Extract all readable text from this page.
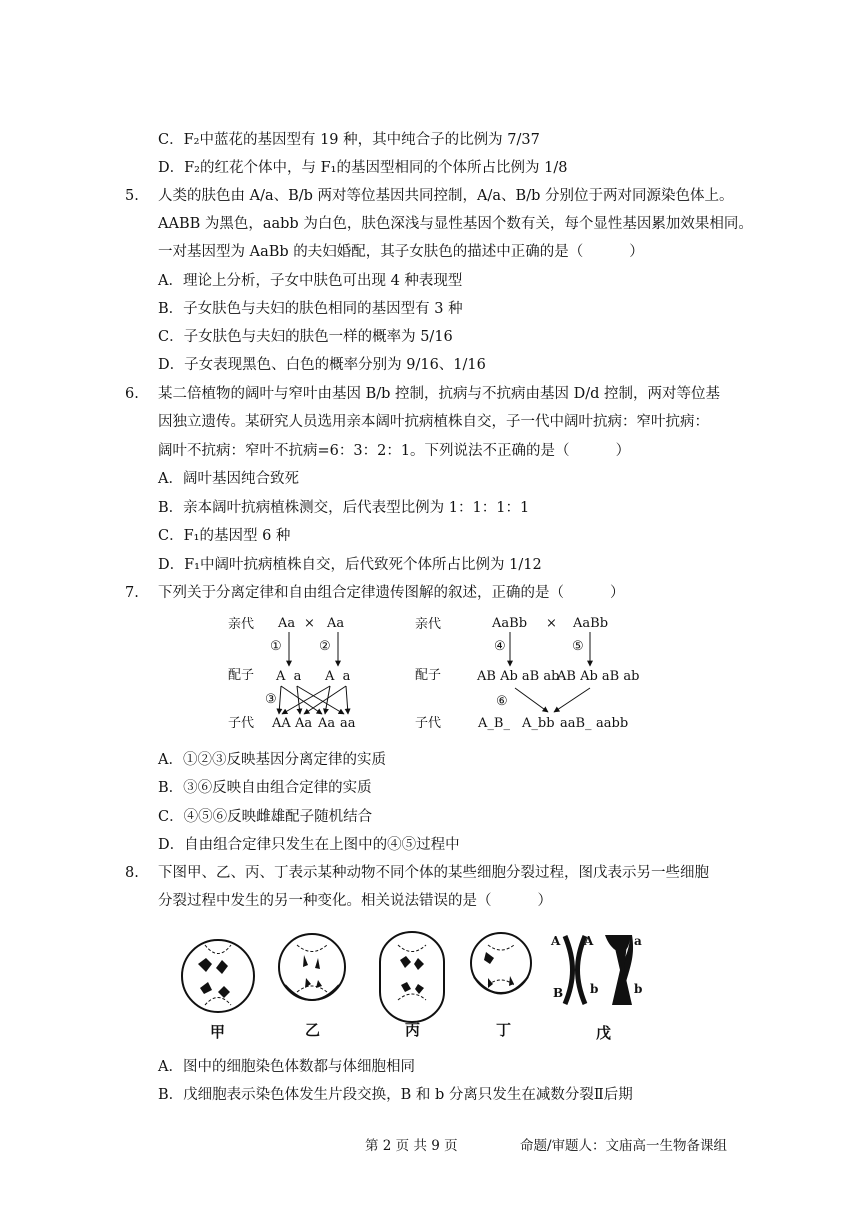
C．F₂中蓝花的基因型有 19 种，其中纯合子的比例为 7/37
D．F₂的红花个体中，与 F₁的基因型相同的个体所占比例为 1/8
5. 人类的肤色由 A/a、B/b 两对等位基因共同控制，A/a、B/b 分别位于两对同源染色体上。
AABB 为黑色，aabb 为白色，肤色深浅与显性基因个数有关，每个显性基因累加效果相同。
一对基因型为 AaBb 的夫妇婚配，其子女肤色的描述中正确的是（	）
A．理论上分析，子女中肤色可出现 4 种表现型
B．子女肤色与夫妇的肤色相同的基因型有 3 种
C．子女肤色与夫妇的肤色一样的概率为 5/16
D．子女表现黑色、白色的概率分别为 9/16、1/16
6. 某二倍植物的阔叶与窄叶由基因 B/b 控制，抗病与不抗病由基因 D/d 控制，两对等位基
因独立遗传。某研究人员选用亲本阔叶抗病植株自交，子一代中阔叶抗病：窄叶抗病：
阔叶不抗病：窄叶不抗病=6：3：2：1。下列说法不正确的是（	）
A．阔叶基因纯合致死
B．亲本阔叶抗病植株测交，后代表型比例为 1：1：1：1
C．F₁的基因型 6 种
D．F₁中阔叶抗病植株自交，后代致死个体所占比例为 1/12
7. 下列关于分离定律和自由组合定律遗传图解的叙述，正确的是（	）
亲代
配子
子代
Aa × Aa
①	②
③
A  a A  a
AA Aa Aa aa
亲代
配子
子代
AaBb × AaBb
④	⑤
⑥
AB Ab aB ab
AB Ab aB ab
A_B_ A_bb aaB_ aabb
A．①②③反映基因分离定律的实质
B．③⑥反映自由组合定律的实质
C．④⑤⑥反映雌雄配子随机结合
D．自由组合定律只发生在上图中的④⑤过程中
8. 下图甲、乙、丙、丁表示某种动物不同个体的某些细胞分裂过程，图戊表示另一些细胞
分裂过程中发生的另一种变化。相关说法错误的是（	）
A A	a
B b	b
甲	乙	丙	丁	戊
A．图中的细胞染色体数都与体细胞相同
B．戊细胞表示染色体发生片段交换，B 和 b 分离只发生在减数分裂Ⅱ后期
第 2 页 共 9 页	命题/审题人：文庙高一生物备课组
